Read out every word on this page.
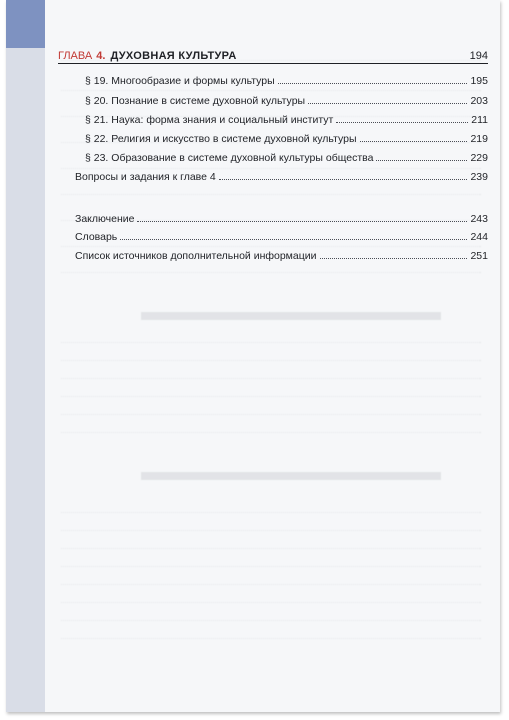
ГЛАВА 4. ДУХОВНАЯ КУЛЬТУРА	194
§ 19. Многообразие и формы культуры	195
§ 20. Познание в системе духовной культуры	203
§ 21. Наука: форма знания и социальный институт	211
§ 22. Религия и искусство в системе духовной культуры	219
§ 23. Образование в системе духовной культуры общества	229
Вопросы и задания к главе 4	239
Заключение	243
Словарь	244
Список источников дополнительной информации	251
